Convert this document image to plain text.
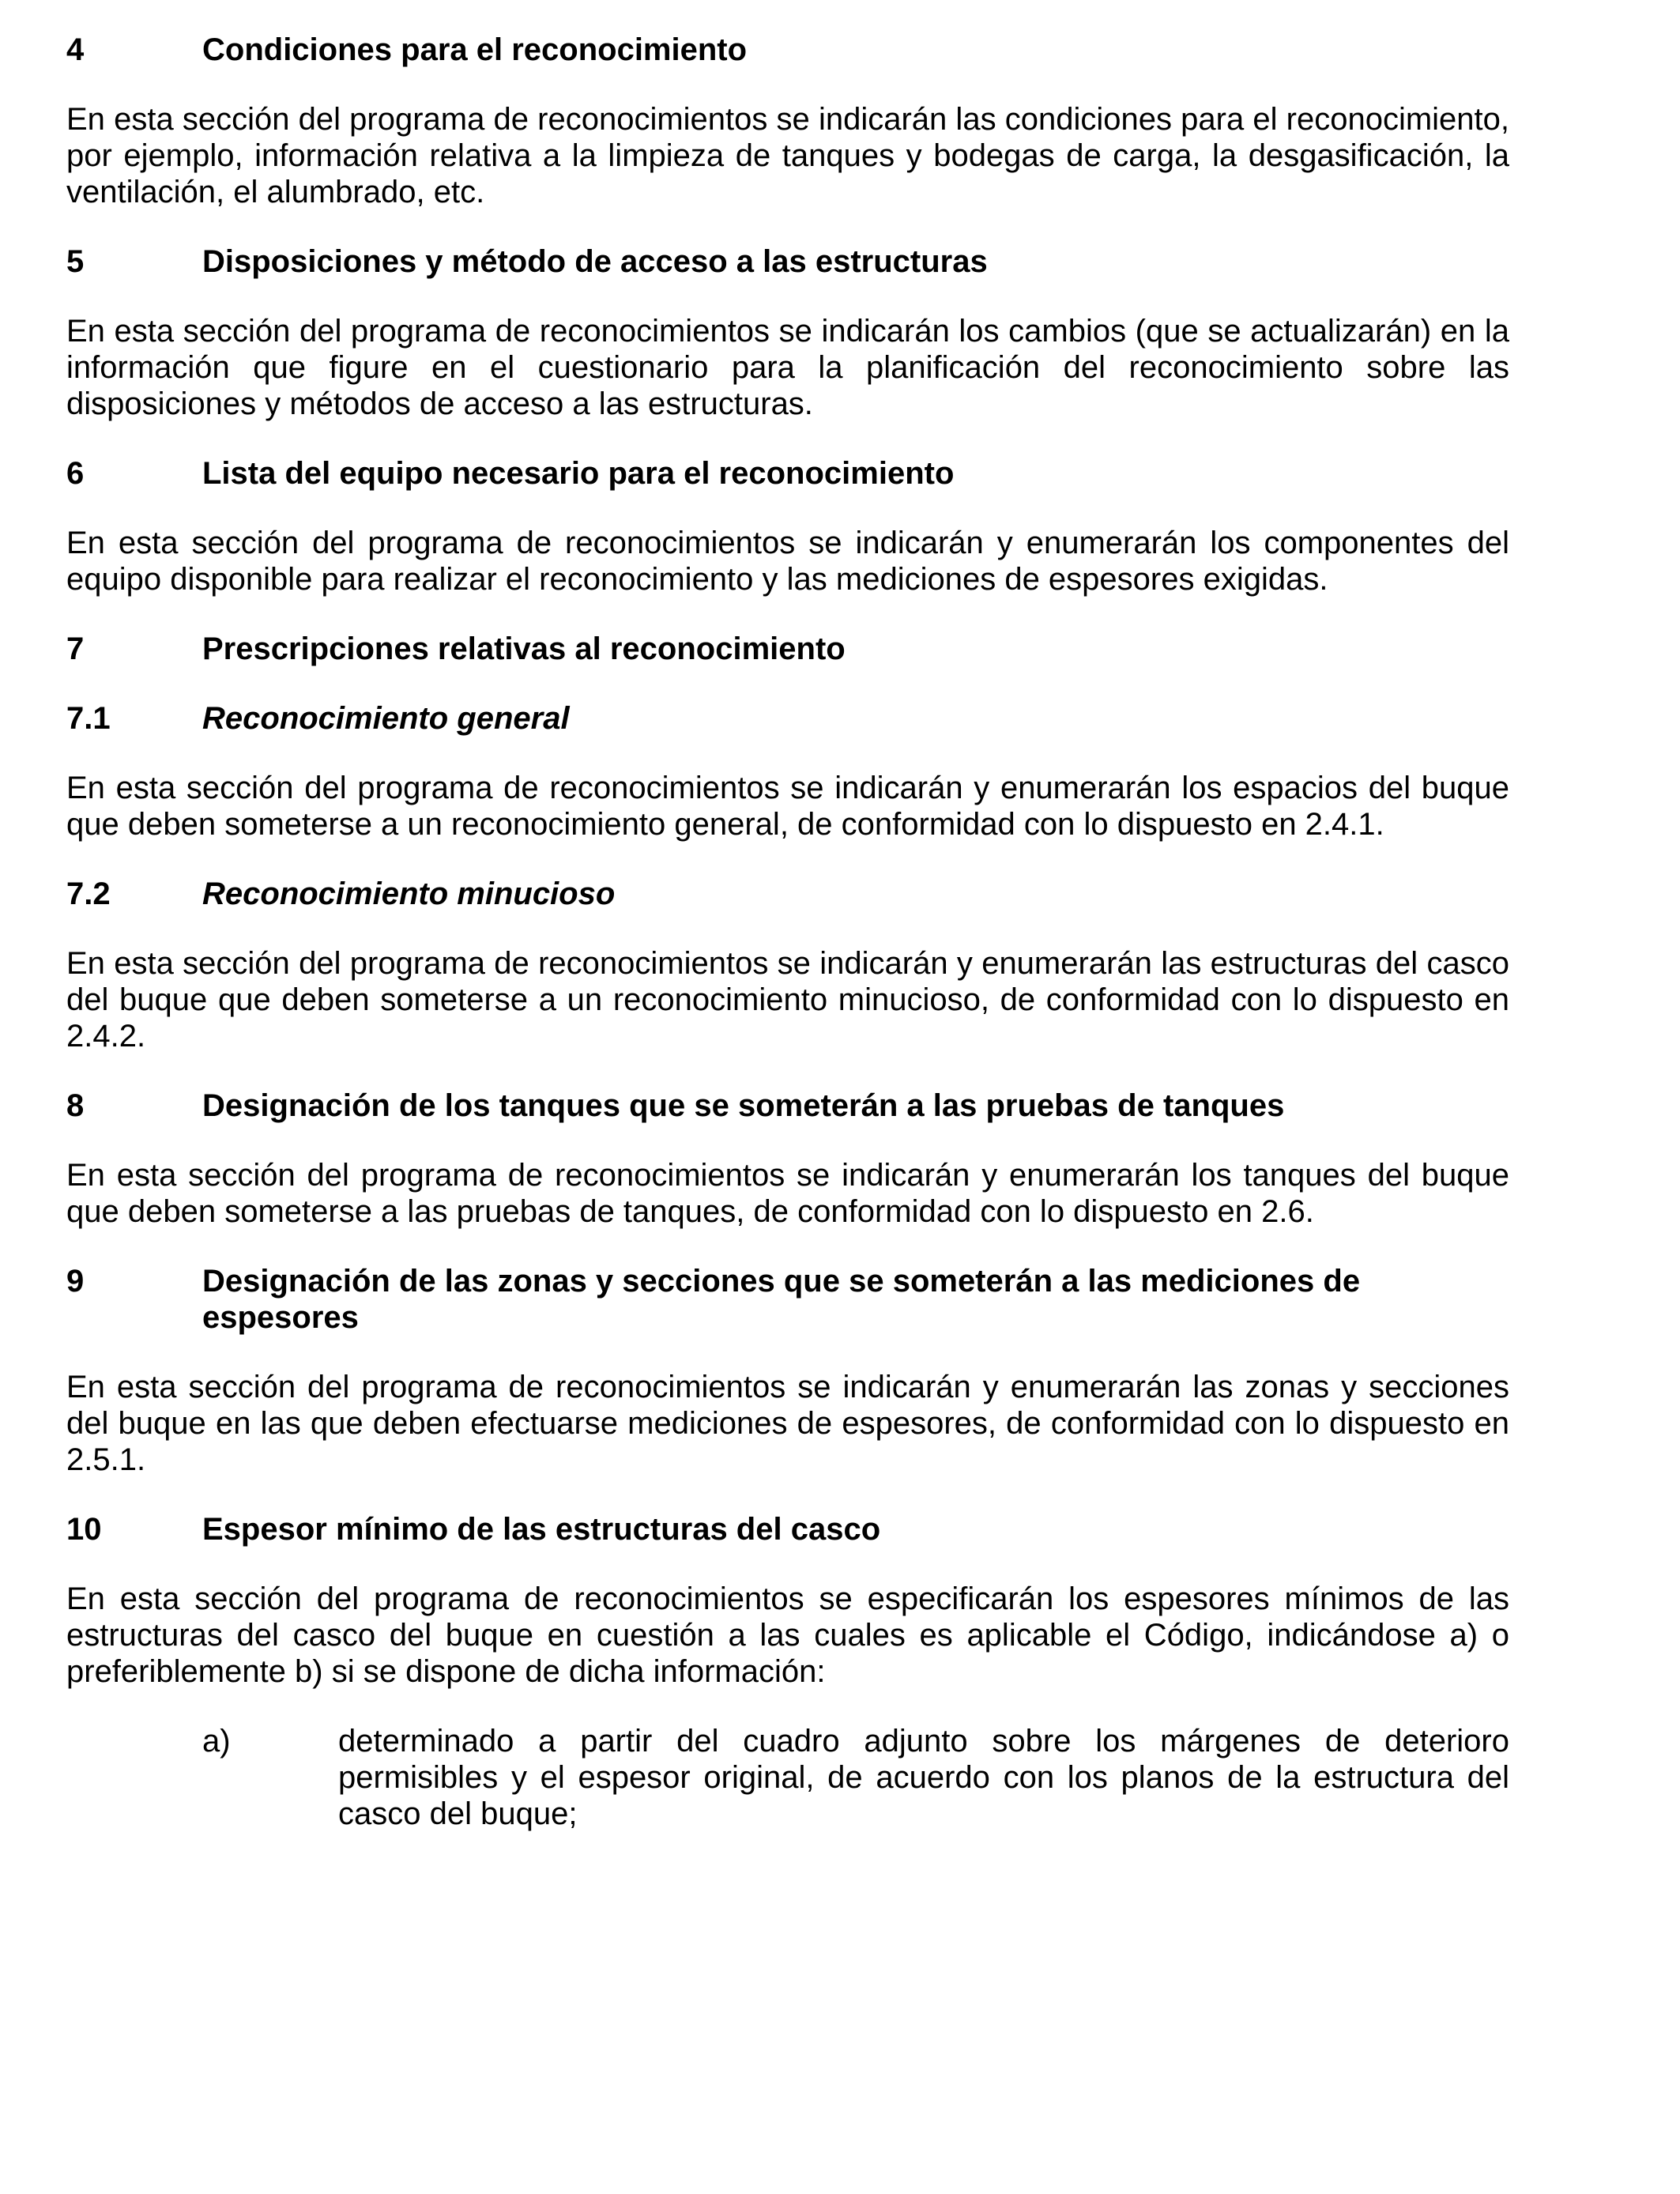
4	Condiciones para el reconocimiento

En esta sección del programa de reconocimientos se indicarán las condiciones para el reconocimiento, por ejemplo, información relativa a la limpieza de tanques y bodegas de carga, la desgasificación, la ventilación, el alumbrado, etc.

5	Disposiciones y método de acceso a las estructuras

En esta sección del programa de reconocimientos se indicarán los cambios (que se actualizarán) en la información que figure en el cuestionario para la planificación del reconocimiento sobre las disposiciones y métodos de acceso a las estructuras.

6	Lista del equipo necesario para el reconocimiento

En esta sección del programa de reconocimientos se indicarán y enumerarán los componentes del equipo disponible para realizar el reconocimiento y las mediciones de espesores exigidas.

7	Prescripciones relativas al reconocimiento
7.1	Reconocimiento general

En esta sección del programa de reconocimientos se indicarán y enumerarán los espacios del buque que deben someterse a un reconocimiento general, de conformidad con lo dispuesto en 2.4.1.

7.2	Reconocimiento minucioso

En esta sección del programa de reconocimientos se indicarán y enumerarán las estructuras del casco del buque que deben someterse a un reconocimiento minucioso, de conformidad con lo dispuesto en 2.4.2.

8	Designación de los tanques que se someterán a las pruebas de tanques

En esta sección del programa de reconocimientos se indicarán y enumerarán los tanques del buque que deben someterse a las pruebas de tanques, de conformidad con lo dispuesto en 2.6.

9	Designación de las zonas y secciones que se someterán a las mediciones de espesores

En esta sección del programa de reconocimientos se indicarán y enumerarán las zonas y secciones del buque en las que deben efectuarse mediciones de espesores, de conformidad con lo dispuesto en 2.5.1.

10	Espesor mínimo de las estructuras del casco

En esta sección del programa de reconocimientos se especificarán los espesores mínimos de las estructuras del casco del buque en cuestión a las cuales es aplicable el Código, indicándose a) o preferiblemente b) si se dispone de dicha información:

a)	determinado a partir del cuadro adjunto sobre los márgenes de deterioro permisibles y el espesor original, de acuerdo con los planos de la estructura del casco del buque;
